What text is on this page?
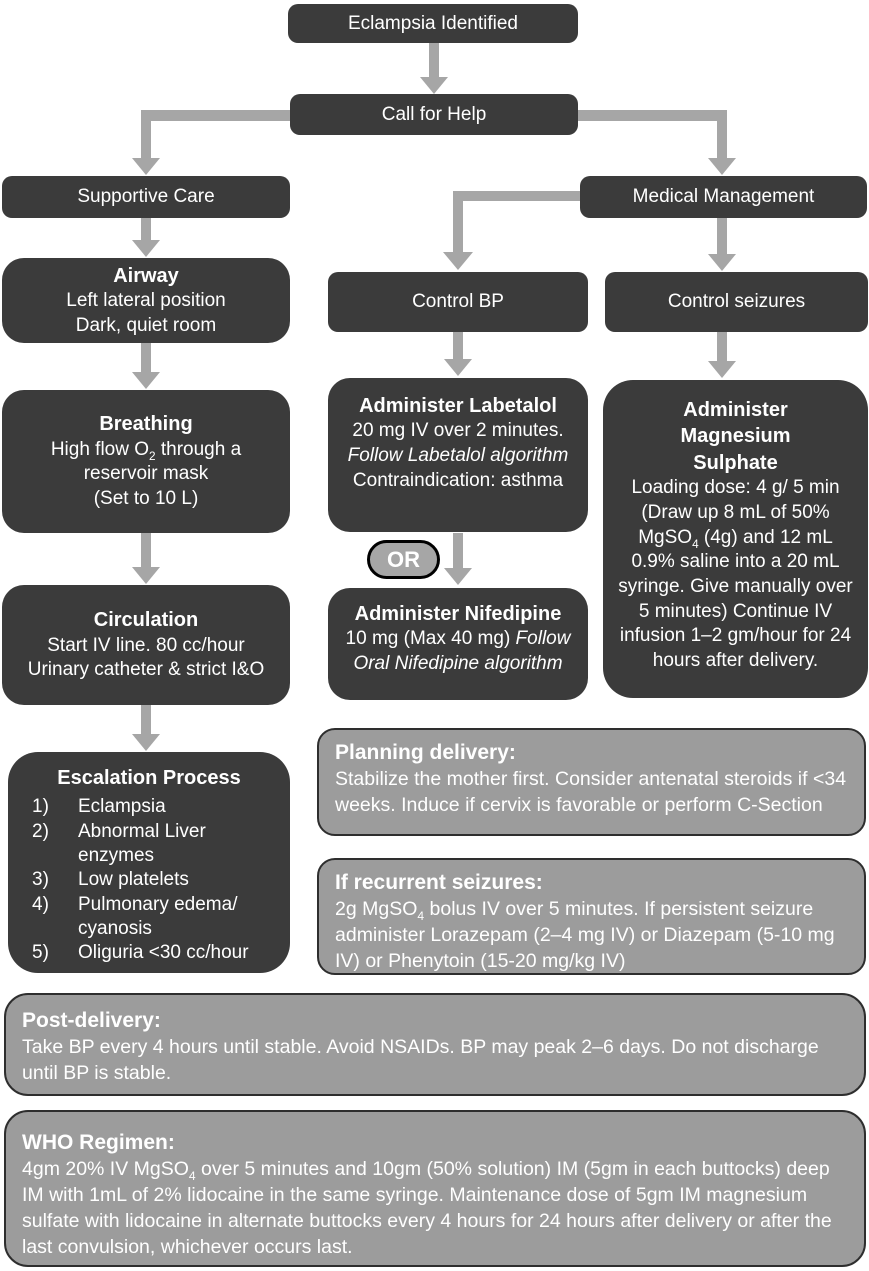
Eclampsia Identified
Call for Help
Supportive Care	Medical Management
Airway
Left lateral position
Dark, quiet room
Breathing
High flow $O_2$ through a reservoir mask
(Set to 10 L)
Circulation
Start IV line. 80 cc/hour
Urinary catheter & strict I&O
Escalation Process
1)	Eclampsia
2)	Abnormal Liver enzymes
3)	Low platelets
4)	Pulmonary edema/ cyanosis
5)	Oliguria <30 cc/hour
Control BP	Control seizures
Administer Labetalol
20 mg IV over 2 minutes.
Follow Labetalol algorithm
Contraindication: asthma
OR
Administer Nifedipine
10 mg (Max 40 mg) Follow Oral Nifedipine algorithm
Administer
Magnesium
Sulphate
Loading dose: 4 g/ 5 min (Draw up 8 mL of 50% MgSO$_4$ (4g) and 12 mL 0.9% saline into a 20 mL syringe. Give manually over 5 minutes) Continue IV infusion 1–2 gm/hour for 24 hours after delivery.
Planning delivery:
Stabilize the mother first. Consider antenatal steroids if <34 weeks. Induce if cervix is favorable or perform C-Section
If recurrent seizures:
2g MgSO$_4$ bolus IV over 5 minutes. If persistent seizure administer Lorazepam (2–4 mg IV) or Diazepam (5-10 mg IV) or Phenytoin (15-20 mg/kg IV)
Post-delivery:
Take BP every 4 hours until stable. Avoid NSAIDs. BP may peak 2–6 days. Do not discharge until BP is stable.
WHO Regimen:
4gm 20% IV MgSO$_4$ over 5 minutes and 10gm (50% solution) IM (5gm in each buttocks) deep IM with 1mL of 2% lidocaine in the same syringe. Maintenance dose of 5gm IM magnesium sulfate with lidocaine in alternate buttocks every 4 hours for 24 hours after delivery or after the last convulsion, whichever occurs last.
